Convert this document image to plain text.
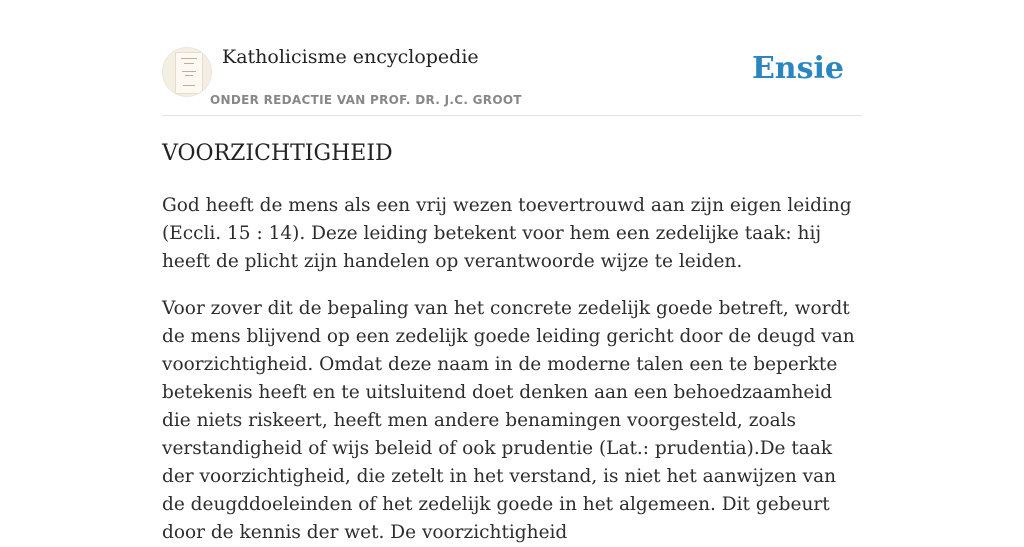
Katholicisme encyclopedie
ONDER REDACTIE VAN PROF. DR. J.C. GROOT
Ensie
VOORZICHTIGHEID

God heeft de mens als een vrij wezen toevertrouwd aan zijn eigen leiding (Eccli. 15 : 14). Deze leiding betekent voor hem een zedelijke taak: hij heeft de plicht zijn handelen op verantwoorde wijze te leiden.

Voor zover dit de bepaling van het concrete zedelijk goede betreft, wordt de mens blijvend op een zedelijk goede leiding gericht door de deugd van voorzichtigheid. Omdat deze naam in de moderne talen een te beperkte betekenis heeft en te uitsluitend doet denken aan een behoedzaamheid die niets riskeert, heeft men andere benamingen voorgesteld, zoals verstandigheid of wijs beleid of ook prudentie (Lat.: prudentia).De taak der voorzichtigheid, die zetelt in het verstand, is niet het aanwijzen van de deugddoeleinden of het zedelijk goede in het algemeen. Dit gebeurt door de kennis der wet. De voorzichtigheid
